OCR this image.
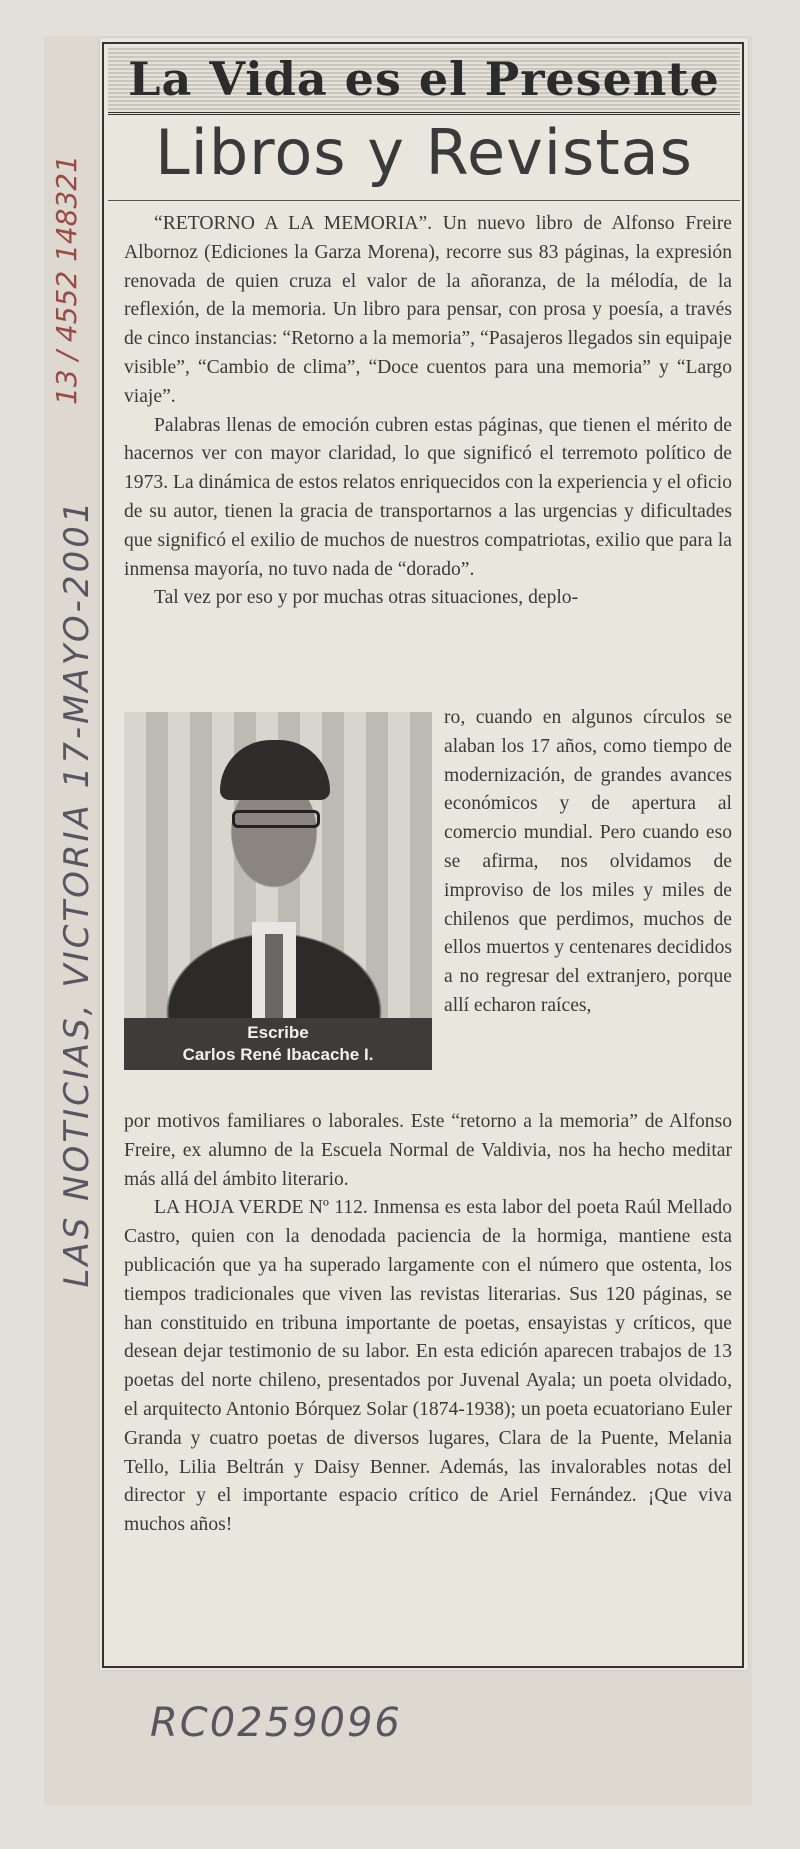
LAS NOTICIAS, VICTORIA 17-MAYO-2001
13 / 4552 148321
La Vida es el Presente
Libros y Revistas

“RETORNO A LA MEMORIA”. Un nuevo libro de Alfonso Freire Albornoz (Ediciones la Garza Morena), recorre sus 83 páginas, la expresión renovada de quien cruza el valor de la añoranza, de la mélodía, de la reflexión, de la memoria. Un libro para pensar, con prosa y poesía, a través de cinco instancias: “Retorno a la memoria”, “Pasajeros llegados sin equipaje visible”, “Cambio de clima”, “Doce cuentos para una memoria” y “Largo viaje”.

Palabras llenas de emoción cubren estas páginas, que tienen el mérito de hacernos ver con mayor claridad, lo que significó el terremoto político de 1973. La dinámica de estos relatos enriquecidos con la experiencia y el oficio de su autor, tienen la gracia de transportarnos a las urgencias y dificultades que significó el exilio de muchos de nuestros compatriotas, exilio que para la inmensa mayoría, no tuvo nada de “dorado”.

Tal vez por eso y por muchas otras situaciones, deplo-

Escribe
Carlos René Ibacache I.
ro, cuando en algunos círculos se alaban los 17 años, como tiempo de modernización, de grandes avances económicos y de apertura al comercio mundial. Pero cuando eso se afirma, nos olvidamos de improviso de los miles y miles de chilenos que perdimos, muchos de ellos muertos y centenares decididos a no regresar del extranjero, porque allí echaron raíces,

por motivos familiares o laborales. Este “retorno a la memoria” de Alfonso Freire, ex alumno de la Escuela Normal de Valdivia, nos ha hecho meditar más allá del ámbito literario.

LA HOJA VERDE Nº 112. Inmensa es esta labor del poeta Raúl Mellado Castro, quien con la denodada paciencia de la hormiga, mantiene esta publicación que ya ha superado largamente con el número que ostenta, los tiempos tradicionales que viven las revistas literarias. Sus 120 páginas, se han constituido en tribuna importante de poetas, ensayistas y críticos, que desean dejar testimonio de su labor. En esta edición aparecen trabajos de 13 poetas del norte chileno, presentados por Juvenal Ayala; un poeta olvidado, el arquitecto Antonio Bórquez Solar (1874-1938); un poeta ecuatoriano Euler Granda y cuatro poetas de diversos lugares, Clara de la Puente, Melania Tello, Lilia Beltrán y Daisy Benner. Además, las invalorables notas del director y el importante espacio crítico de Ariel Fernández. ¡Que viva muchos años!

RC0259096
